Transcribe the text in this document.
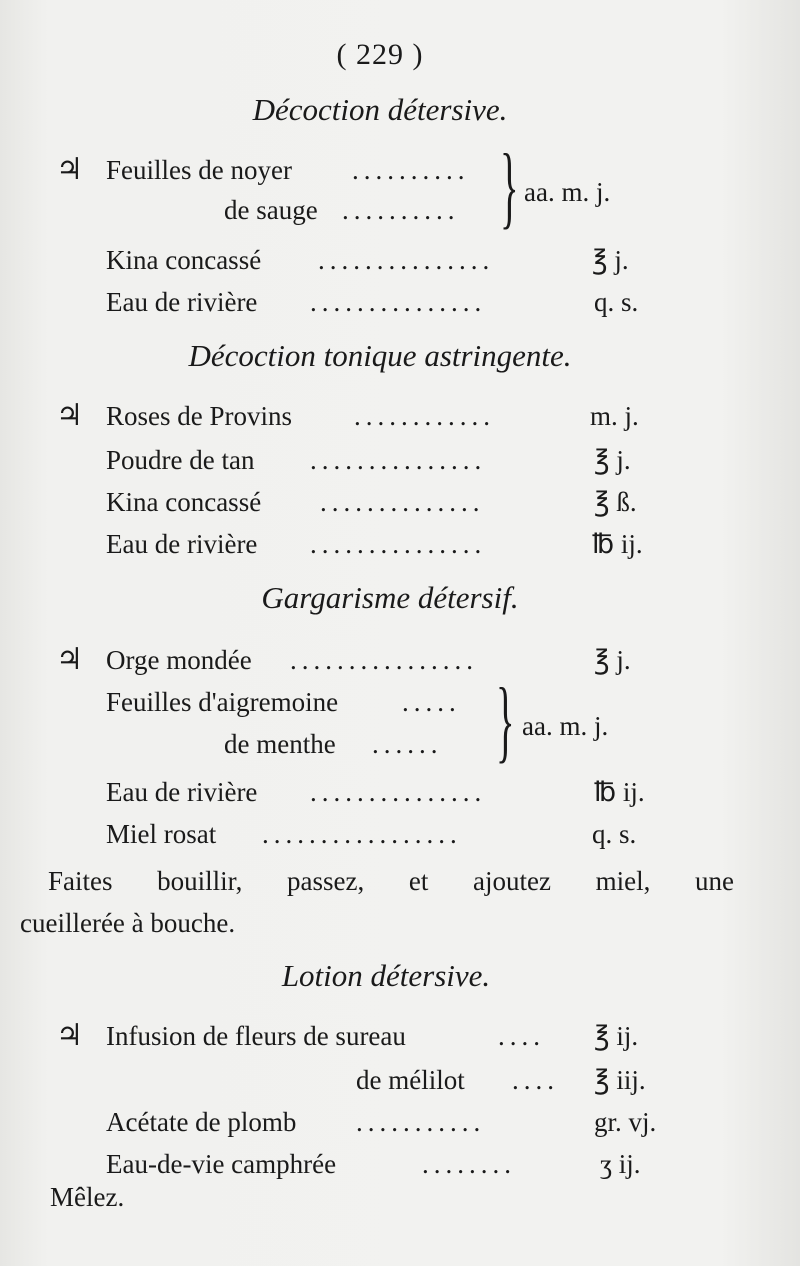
( 229 )
Décoction détersive.
♃ Feuilles de noyer ..........
de sauge .......... } aa. m. j.
Kina concassé ...............	℥ j.
Eau de rivière ...............	q. s.
Décoction tonique astringente.
♃ Roses de Provins ............	m. j.
Poudre de tan ...............	℥ j.
Kina concassé ..............	℥ ß.
Eau de rivière ...............	℔ ij.
Gargarisme détersif.
♃ Orge mondée ................	℥ j.
Feuilles d'aigremoine .....
de menthe ...... } aa. m. j.
Eau de rivière ...............	℔ ij.
Miel rosat .................	q. s.
Faites bouillir, passez, et ajoutez miel, une
cueillerée à bouche.
Lotion détersive.
♃ Infusion de fleurs de sureau	....	℥ ij.
de mélilot ....	℥ iij.
Acétate de plomb ...........	gr. vj.
Eau-de-vie camphrée	........	ʒ ij.
Mêlez.
